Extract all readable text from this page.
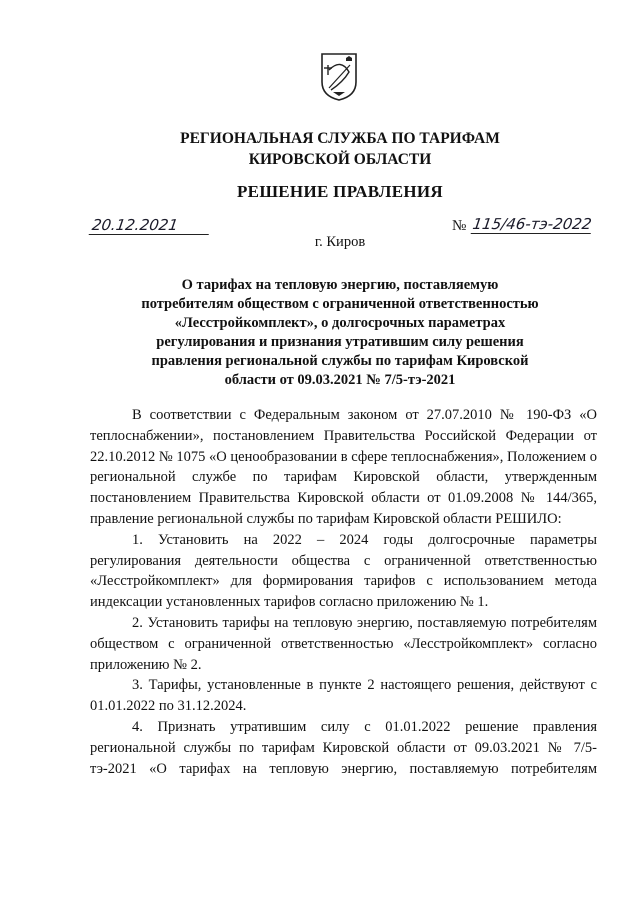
РЕГИОНАЛЬНАЯ СЛУЖБА ПО ТАРИФАМ
КИРОВСКОЙ ОБЛАСТИ
РЕШЕНИЕ ПРАВЛЕНИЯ
20.12.2021	№ 115/46-тэ-2022
г. Киров
О тарифах на тепловую энергию, поставляемую
потребителям обществом с ограниченной ответственностью
«Лесстройкомплект», о долгосрочных параметрах
регулирования и признания утратившим силу решения
правления региональной службы по тарифам Кировской
области от 09.03.2021 № 7/5-тэ-2021

В соответствии с Федеральным законом от 27.07.2010 № 190-ФЗ «О теплоснабжении», постановлением Правительства Российской Федерации от 22.10.2012 № 1075 «О ценообразовании в сфере теплоснабжения», Положением о региональной службе по тарифам Кировской области, утвержденным постановлением Правительства Кировской области от 01.09.2008 № 144/365, правление региональной службы по тарифам Кировской области РЕШИЛО:

1. Установить на 2022 – 2024 годы долгосрочные параметры регулирования деятельности общества с ограниченной ответственностью «Лесстройкомплект» для формирования тарифов с использованием метода индексации установленных тарифов согласно приложению № 1.

2. Установить тарифы на тепловую энергию, поставляемую потребителям обществом с ограниченной ответственностью «Лесстройкомплект» согласно приложению № 2.

3. Тарифы, установленные в пункте 2 настоящего решения, действуют с 01.01.2022 по 31.12.2024.

4. Признать утратившим силу с 01.01.2022 решение правления региональной службы по тарифам Кировской области от 09.03.2021 № 7/5-тэ-2021 «О тарифах на тепловую энергию, поставляемую потребителям
